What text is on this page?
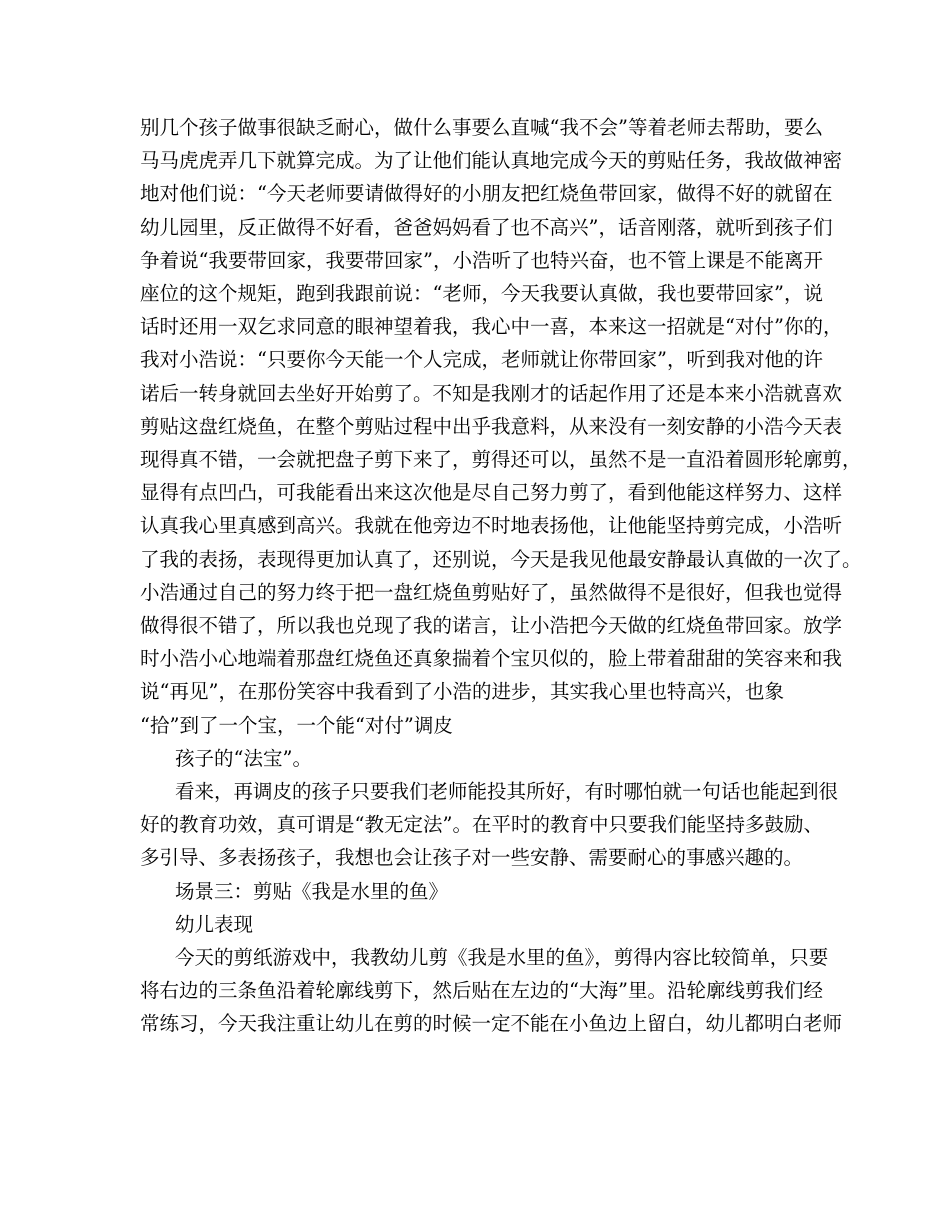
别几个孩子做事很缺乏耐心，做什么事要么直喊“我不会”等着老师去帮助，要么
马马虎虎弄几下就算完成。为了让他们能认真地完成今天的剪贴任务，我故做神密
地对他们说：“今天老师要请做得好的小朋友把红烧鱼带回家，做得不好的就留在
幼儿园里，反正做得不好看，爸爸妈妈看了也不高兴”，话音刚落，就听到孩子们
争着说“我要带回家，我要带回家”，小浩听了也特兴奋，也不管上课是不能离开
座位的这个规矩，跑到我跟前说：“老师，今天我要认真做，我也要带回家”，说
话时还用一双乞求同意的眼神望着我，我心中一喜，本来这一招就是“对付”你的，
我对小浩说：“只要你今天能一个人完成，老师就让你带回家”，听到我对他的许
诺后一转身就回去坐好开始剪了。不知是我刚才的话起作用了还是本来小浩就喜欢
剪贴这盘红烧鱼，在整个剪贴过程中出乎我意料，从来没有一刻安静的小浩今天表
现得真不错，一会就把盘子剪下来了，剪得还可以，虽然不是一直沿着圆形轮廓剪，
显得有点凹凸，可我能看出来这次他是尽自己努力剪了，看到他能这样努力、这样
认真我心里真感到高兴。我就在他旁边不时地表扬他，让他能坚持剪完成，小浩听
了我的表扬，表现得更加认真了，还别说，今天是我见他最安静最认真做的一次了。
小浩通过自己的努力终于把一盘红烧鱼剪贴好了，虽然做得不是很好，但我也觉得
做得很不错了，所以我也兑现了我的诺言，让小浩把今天做的红烧鱼带回家。放学
时小浩小心地端着那盘红烧鱼还真象揣着个宝贝似的，脸上带着甜甜的笑容来和我
说“再见”，在那份笑容中我看到了小浩的进步，其实我心里也特高兴，也象
“拾”到了一个宝，一个能“对付”调皮
孩子的“法宝”。
看来，再调皮的孩子只要我们老师能投其所好，有时哪怕就一句话也能起到很
好的教育功效，真可谓是“教无定法”。在平时的教育中只要我们能坚持多鼓励、
多引导、多表扬孩子，我想也会让孩子对一些安静、需要耐心的事感兴趣的。
场景三：剪贴《我是水里的鱼》
幼儿表现
今天的剪纸游戏中，我教幼儿剪《我是水里的鱼》，剪得内容比较简单，只要
将右边的三条鱼沿着轮廓线剪下，然后贴在左边的“大海”里。沿轮廓线剪我们经
常练习，今天我注重让幼儿在剪的时候一定不能在小鱼边上留白，幼儿都明白老师
